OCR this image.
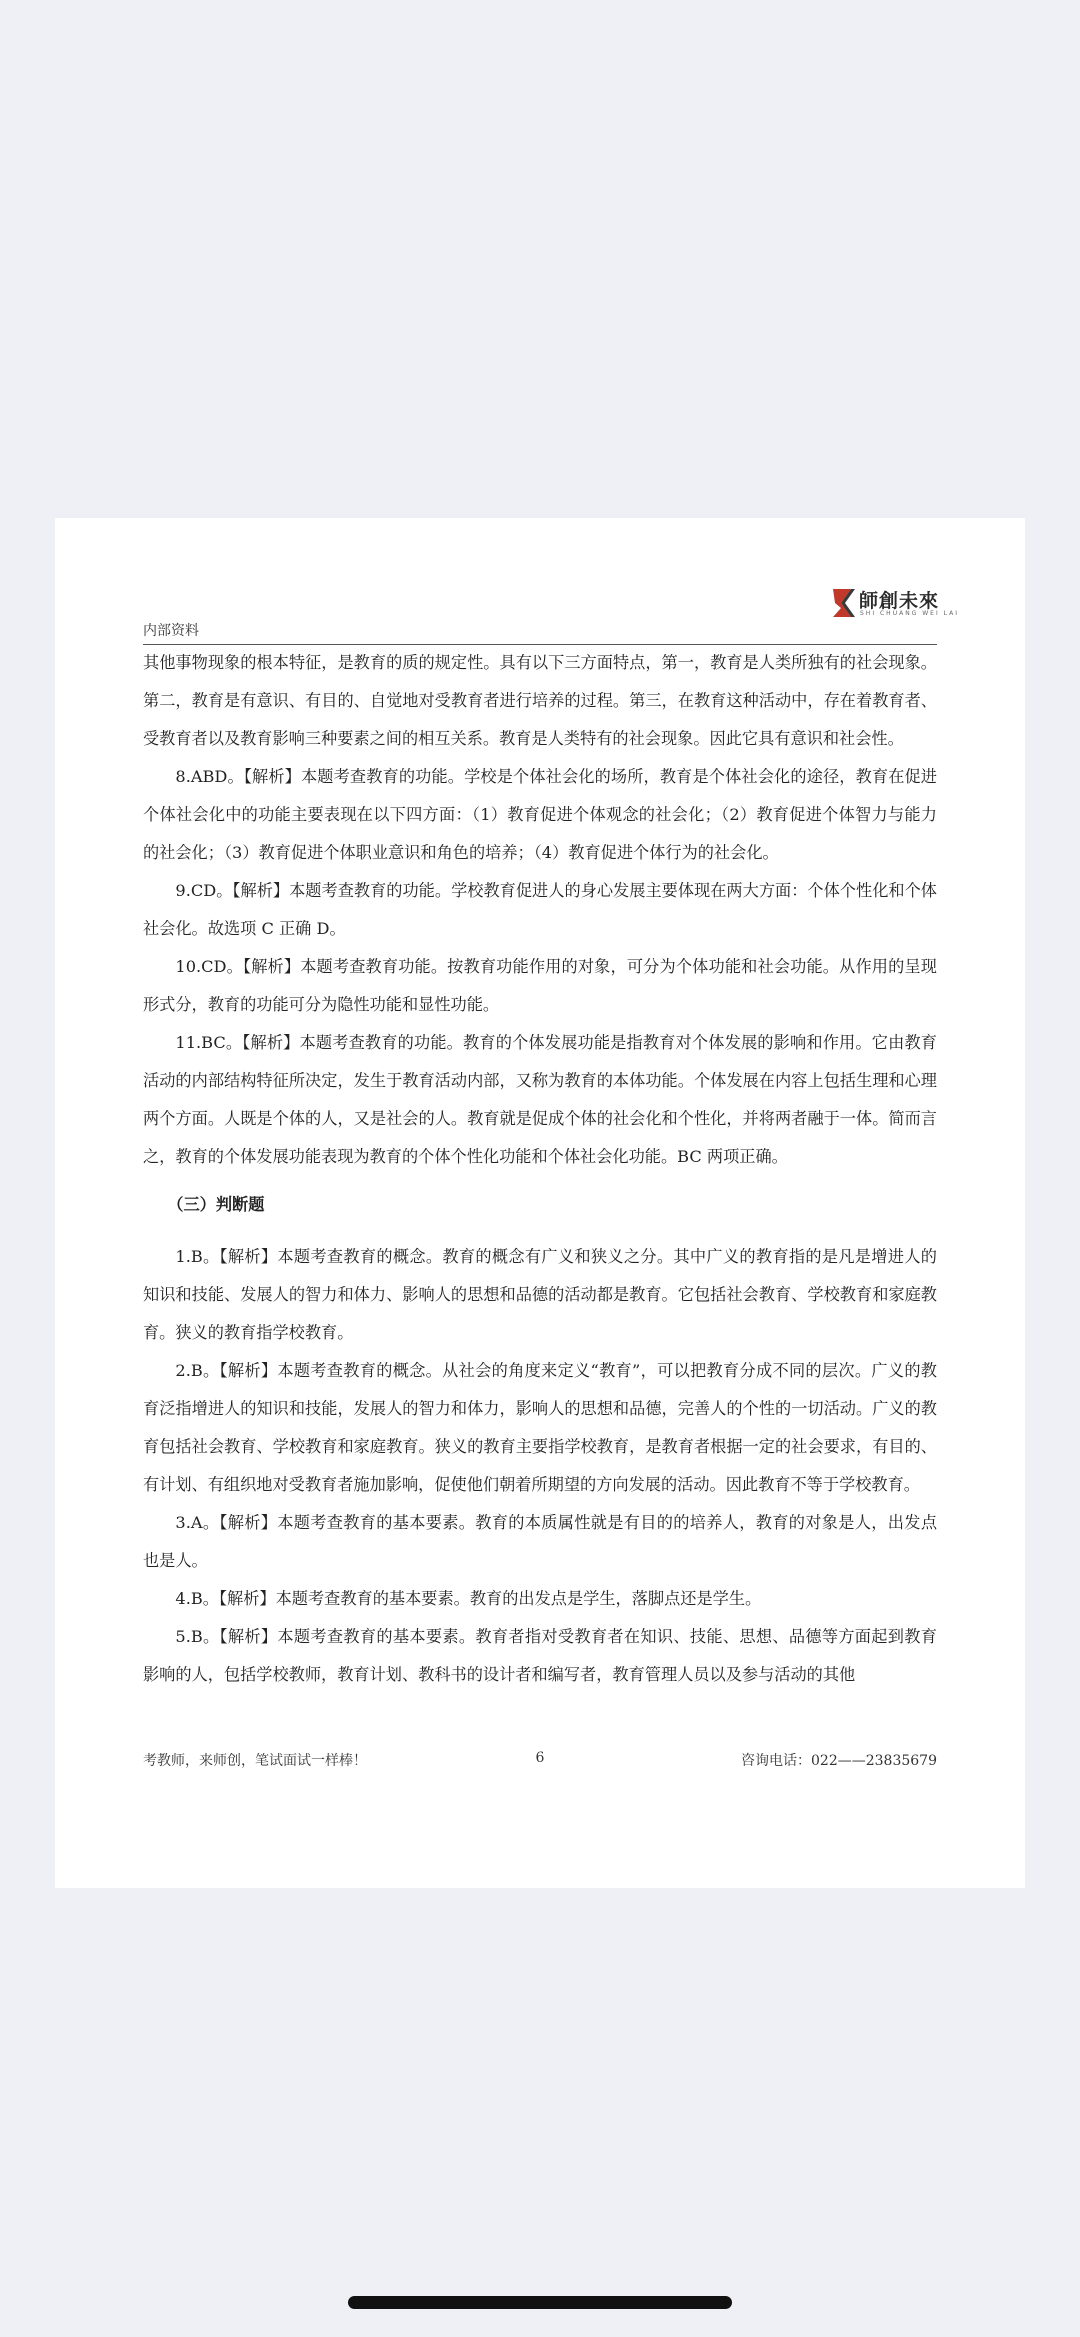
内部资料
師創未來
SHI CHUANG WEI LAI

其他事物现象的根本特征，是教育的质的规定性。具有以下三方面特点，第一，教育是人类所独有的社会现象。第二，教育是有意识、有目的、自觉地对受教育者进行培养的过程。第三，在教育这种活动中，存在着教育者、受教育者以及教育影响三种要素之间的相互关系。教育是人类特有的社会现象。因此它具有意识和社会性。

8.ABD。【解析】本题考查教育的功能。学校是个体社会化的场所，教育是个体社会化的途径，教育在促进个体社会化中的功能主要表现在以下四方面：（1）教育促进个体观念的社会化；（2）教育促进个体智力与能力的社会化；（3）教育促进个体职业意识和角色的培养；（4）教育促进个体行为的社会化。

9.CD。【解析】本题考查教育的功能。学校教育促进人的身心发展主要体现在两大方面：个体个性化和个体社会化。故选项 C 正确 D。

10.CD。【解析】本题考查教育功能。按教育功能作用的对象，可分为个体功能和社会功能。从作用的呈现形式分，教育的功能可分为隐性功能和显性功能。

11.BC。【解析】本题考查教育的功能。教育的个体发展功能是指教育对个体发展的影响和作用。它由教育活动的内部结构特征所决定，发生于教育活动内部，又称为教育的本体功能。个体发展在内容上包括生理和心理两个方面。人既是个体的人，又是社会的人。教育就是促成个体的社会化和个性化，并将两者融于一体。简而言之，教育的个体发展功能表现为教育的个体个性化功能和个体社会化功能。BC 两项正确。

（三）判断题

1.B。【解析】本题考查教育的概念。教育的概念有广义和狭义之分。其中广义的教育指的是凡是增进人的知识和技能、发展人的智力和体力、影响人的思想和品德的活动都是教育。它包括社会教育、学校教育和家庭教育。狭义的教育指学校教育。

2.B。【解析】本题考查教育的概念。从社会的角度来定义“教育”，可以把教育分成不同的层次。广义的教育泛指增进人的知识和技能，发展人的智力和体力，影响人的思想和品德，完善人的个性的一切活动。广义的教育包括社会教育、学校教育和家庭教育。狭义的教育主要指学校教育，是教育者根据一定的社会要求，有目的、有计划、有组织地对受教育者施加影响，促使他们朝着所期望的方向发展的活动。因此教育不等于学校教育。

3.A。【解析】本题考查教育的基本要素。教育的本质属性就是有目的的培养人，教育的对象是人，出发点也是人。

4.B。【解析】本题考查教育的基本要素。教育的出发点是学生，落脚点还是学生。

5.B。【解析】本题考查教育的基本要素。教育者指对受教育者在知识、技能、思想、品德等方面起到教育影响的人，包括学校教师，教育计划、教科书的设计者和编写者，教育管理人员以及参与活动的其他

考教师，来师创，笔试面试一样棒！	6	咨询电话：022——23835679
